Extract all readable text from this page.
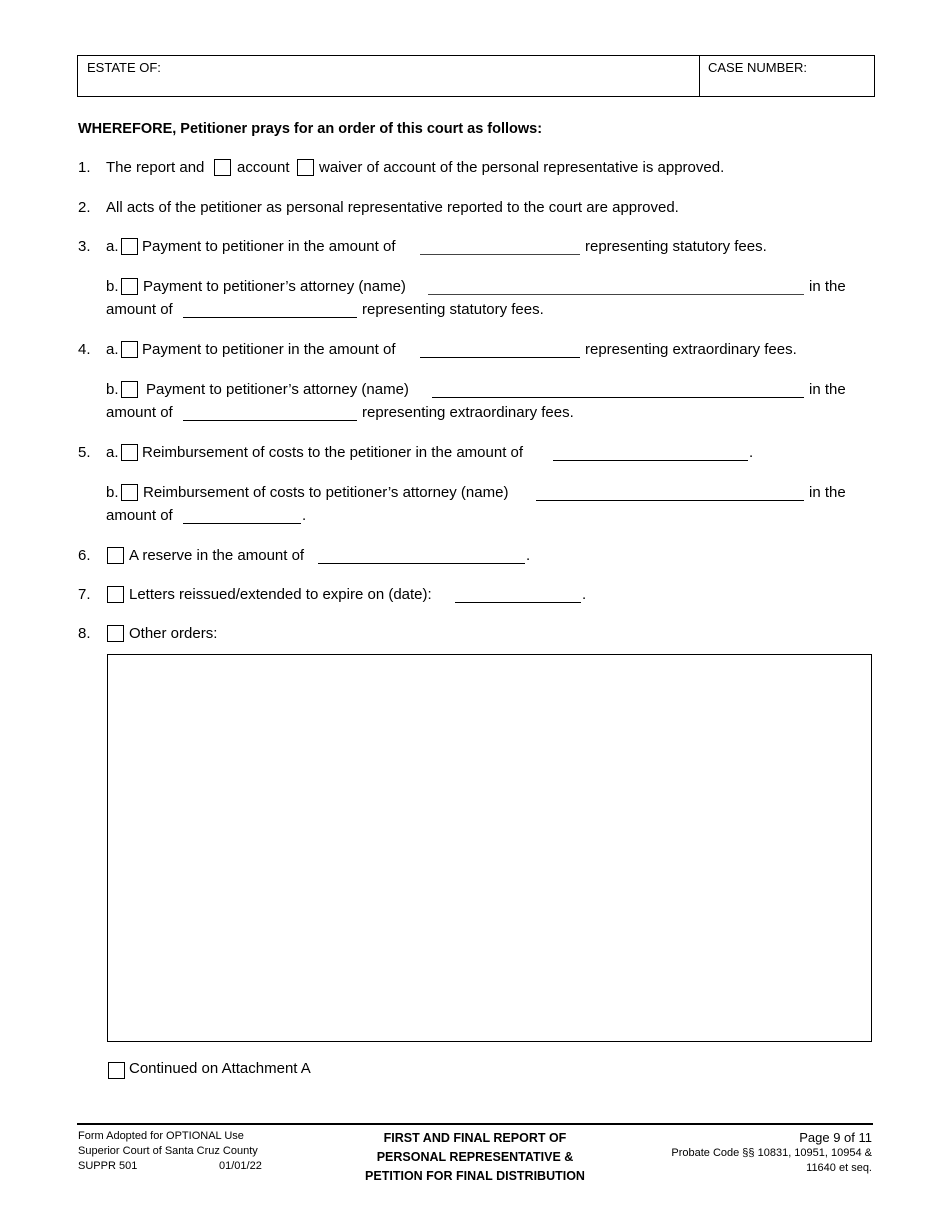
ESTATE OF:	CASE NUMBER:
WHEREFORE, Petitioner prays for an order of this court as follows:
1. The report and account waiver of account of the personal representative is approved.
2. All acts of the petitioner as personal representative reported to the court are approved.
3. a. Payment to petitioner in the amount of	representing statutory fees.
b. Payment to petitioner’s attorney (name)	in the
amount of	representing statutory fees.
4. a. Payment to petitioner in the amount of	representing extraordinary fees.
b. Payment to petitioner’s attorney (name)	in the
amount of	representing extraordinary fees.
5. a. Reimbursement of costs to the petitioner in the amount of	.
b. Reimbursement of costs to petitioner’s attorney (name)	in the
amount of	.
6.	A reserve in the amount of	.
7.	Letters reissued/extended to expire on (date):	.
8.	Other orders:
Continued on Attachment A
Form Adopted for OPTIONAL Use
Superior Court of Santa Cruz County
SUPPR 501	01/01/22
FIRST AND FINAL REPORT OF
PERSONAL REPRESENTATIVE &
PETITION FOR FINAL DISTRIBUTION
Page 9 of 11
Probate Code §§ 10831, 10951, 10954 &
11640 et seq.
